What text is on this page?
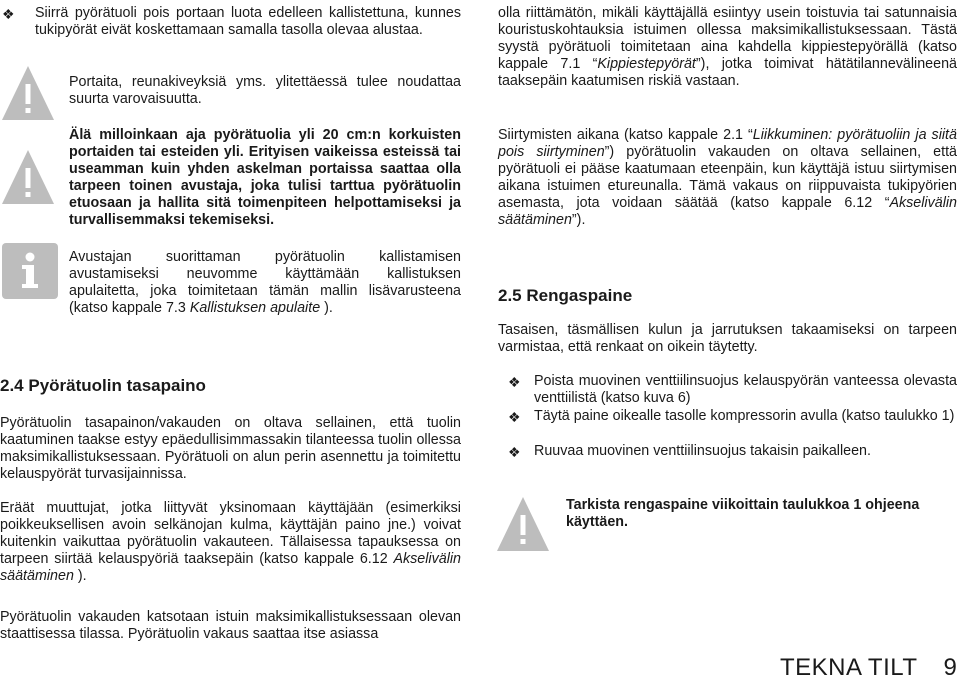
❖ Siirrä pyörätuoli pois portaan luota edelleen kallistettuna, kunnes tukipyörät eivät koskettamaan samalla tasolla olevaa alustaa.
Portaita, reunakiveyksiä yms. ylitettäessä tulee noudattaa suurta varovaisuutta.
Älä milloinkaan aja pyörätuolia yli 20 cm:n korkuisten portaiden tai esteiden yli. Erityisen vaikeissa esteissä tai useamman kuin yhden askelman portaissa saattaa olla tarpeen toinen avustaja, joka tulisi tarttua pyörätuolin etuosaan ja hallita sitä toimenpiteen helpottamiseksi ja turvallisemmaksi tekemiseksi.
Avustajan suorittaman pyörätuolin kallistamisen avustamiseksi neuvomme käyttämään kallistuksen apulaitetta, joka toimitetaan tämän mallin lisävarusteena (katso kappale 7.3 Kallistuksen apulaite ).
2.4 Pyörätuolin tasapaino
Pyörätuolin tasapainon/vakauden on oltava sellainen, että tuolin kaatuminen taakse estyy epäedullisimmassakin tilanteessa tuolin ollessa maksimikallistuksessaan. Pyörätuoli on alun perin asennettu ja toimitettu kelauspyörät turvasijainnissa.
Eräät muuttujat, jotka liittyvät yksinomaan käyttäjään (esimerkiksi poikkeuksellisen avoin selkänojan kulma, käyttäjän paino jne.) voivat kuitenkin vaikuttaa pyörätuolin vakauteen. Tällaisessa tapauksessa on tarpeen siirtää kelauspyöriä taaksepäin (katso kappale 6.12 Akselivälin säätäminen ).
Pyörätuolin vakauden katsotaan istuin maksimikallistuksessaan olevan staattisessa tilassa. Pyörätuolin vakaus saattaa itse asiassa
olla riittämätön, mikäli käyttäjällä esiintyy usein toistuvia tai satunnaisia kouristuskohtauksia istuimen ollessa maksimikallistuksessaan. Tästä syystä pyörätuoli toimitetaan aina kahdella kippiestepyörällä (katso kappale 7.1 “Kippiestepyörät”), jotka toimivat hätätilannevälineenä taaksepäin kaatumisen riskiä vastaan.
Siirtymisten aikana (katso kappale 2.1 “Liikkuminen: pyörätuoliin ja siitä pois siirtyminen”) pyörätuolin vakauden on oltava sellainen, että pyörätuoli ei pääse kaatumaan eteenpäin, kun käyttäjä istuu siirtymisen aikana istuimen etureunalla. Tämä vakaus on riippuvaista tukipyörien asemasta, jota voidaan säätää (katso kappale 6.12 “Akselivälin säätäminen”).
2.5 Rengaspaine
Tasaisen, täsmällisen kulun ja jarrutuksen takaamiseksi on tarpeen varmistaa, että renkaat on oikein täytetty.
❖ Poista muovinen venttiilinsuojus kelauspyörän vanteessa olevasta venttiilistä (katso kuva 6)
❖ Täytä paine oikealle tasolle kompressorin avulla (katso taulukko 1)
❖ Ruuvaa muovinen venttiilinsuojus takaisin paikalleen.
Tarkista rengaspaine viikoittain taulukkoa 1 ohjeena käyttäen.
TEKNA TILT 9
